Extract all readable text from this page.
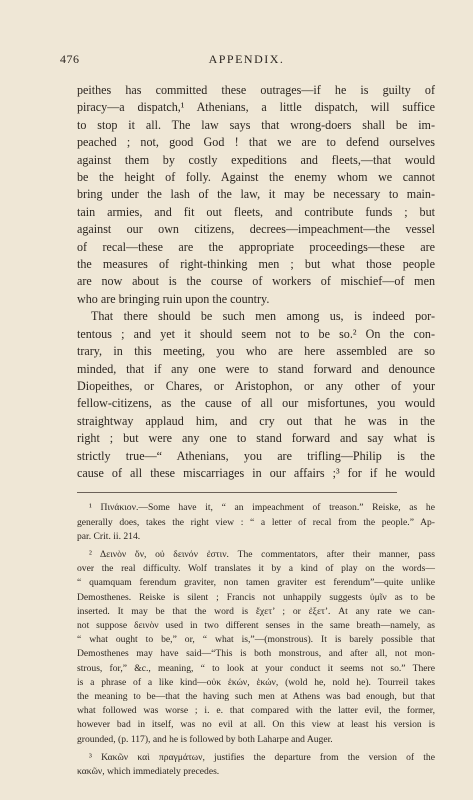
476	APPENDIX.

peithes has committed these outrages—if he is guilty of
piracy—a dispatch,¹ Athenians, a little dispatch, will suffice
to stop it all. The law says that wrong-doers shall be im-
peached ; not, good God ! that we are to defend ourselves
against them by costly expeditions and fleets,—that would
be the height of folly. Against the enemy whom we cannot
bring under the lash of the law, it may be necessary to main-
tain armies, and fit out fleets, and contribute funds ; but
against our own citizens, decrees—impeachment—the vessel
of recal—these are the appropriate proceedings—these are
the measures of right-thinking men ; but what those people
are now about is the course of workers of mischief—of men
who are bringing ruin upon the country.

That there should be such men among us, is indeed por-
tentous ; and yet it should seem not to be so.² On the con-
trary, in this meeting, you who are here assembled are so
minded, that if any one were to stand forward and denounce
Diopeithes, or Chares, or Aristophon, or any other of your
fellow-citizens, as the cause of all our misfortunes, you would
straightway applaud him, and cry out that he was in the
right ; but were any one to stand forward and say what is
strictly true—“ Athenians, you are trifling—Philip is the
cause of all these miscarriages in our affairs ;³ for if he would

¹ Πινάκιον.—Some have it, “ an impeachment of treason.” Reiske, as he
generally does, takes the right view : “ a letter of recal from the people.” Ap-
par. Crit. ii. 214.

² Δεινὸν ὄν, οὐ δεινόν ἐστιν. The commentators, after their manner, pass
over the real difficulty. Wolf translates it by a kind of play on the words—
“ quamquam ferendum graviter, non tamen graviter est ferendum”—quite unlike
Demosthenes. Reiske is silent ; Francis not unhappily suggests ὑμῖν as to be
inserted. It may be that the word is ἔχετ’ ; or ἐξετ’. At any rate we can-
not suppose δεινὸν used in two different senses in the same breath—namely, as
“ what ought to be,” or, “ what is,”—(monstrous). It is barely possible that
Demosthenes may have said—“This is both monstrous, and after all, not mon-
strous, for,” &c., meaning, “ to look at your conduct it seems not so.” There
is a phrase of a like kind—οὐκ ἑκών, ἑκών, (wold he, nold he). Tourreil takes
the meaning to be—that the having such men at Athens was bad enough, but that
what followed was worse ; i. e. that compared with the latter evil, the former,
however bad in itself, was no evil at all. On this view at least his version is
grounded, (p. 117), and he is followed by both Laharpe and Auger.

³ Κακῶν καὶ πραγμάτων, justifies the departure from the version of the
κακῶν, which immediately precedes.
